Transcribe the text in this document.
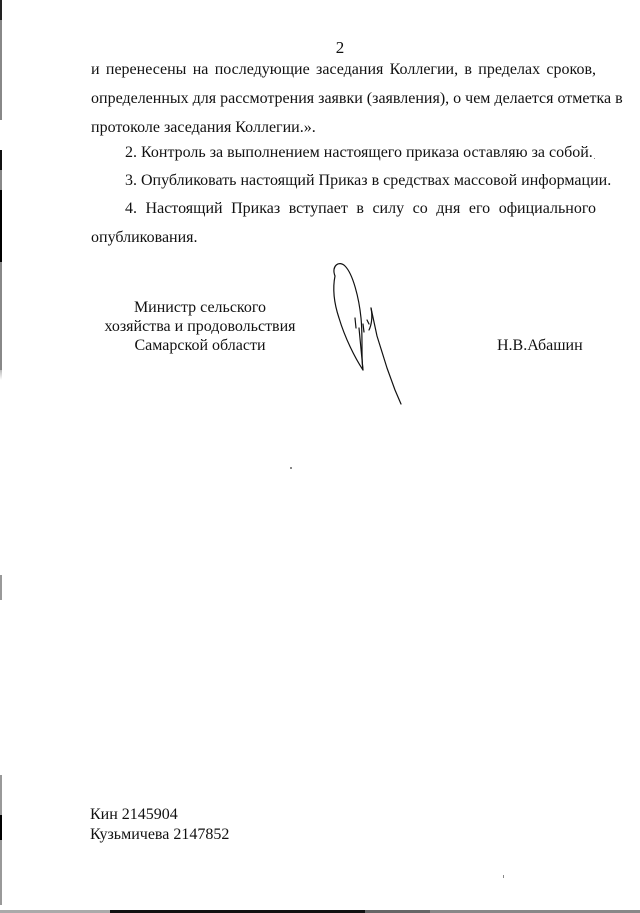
2
и перенесены на последующие заседания Коллегии, в пределах сроков,
определенных для рассмотрения заявки (заявления), о чем делается отметка в
протоколе заседания Коллегии.».
2. Контроль за выполнением настоящего приказа оставляю за собой.
3. Опубликовать настоящий Приказ в средствах массовой информации.
4. Настоящий Приказ вступает в силу со дня его официального
опубликования.
Министр сельского
хозяйства и продовольствия
Самарской области	Н.В.Абашин
Кин 2145904
Кузьмичева 2147852
